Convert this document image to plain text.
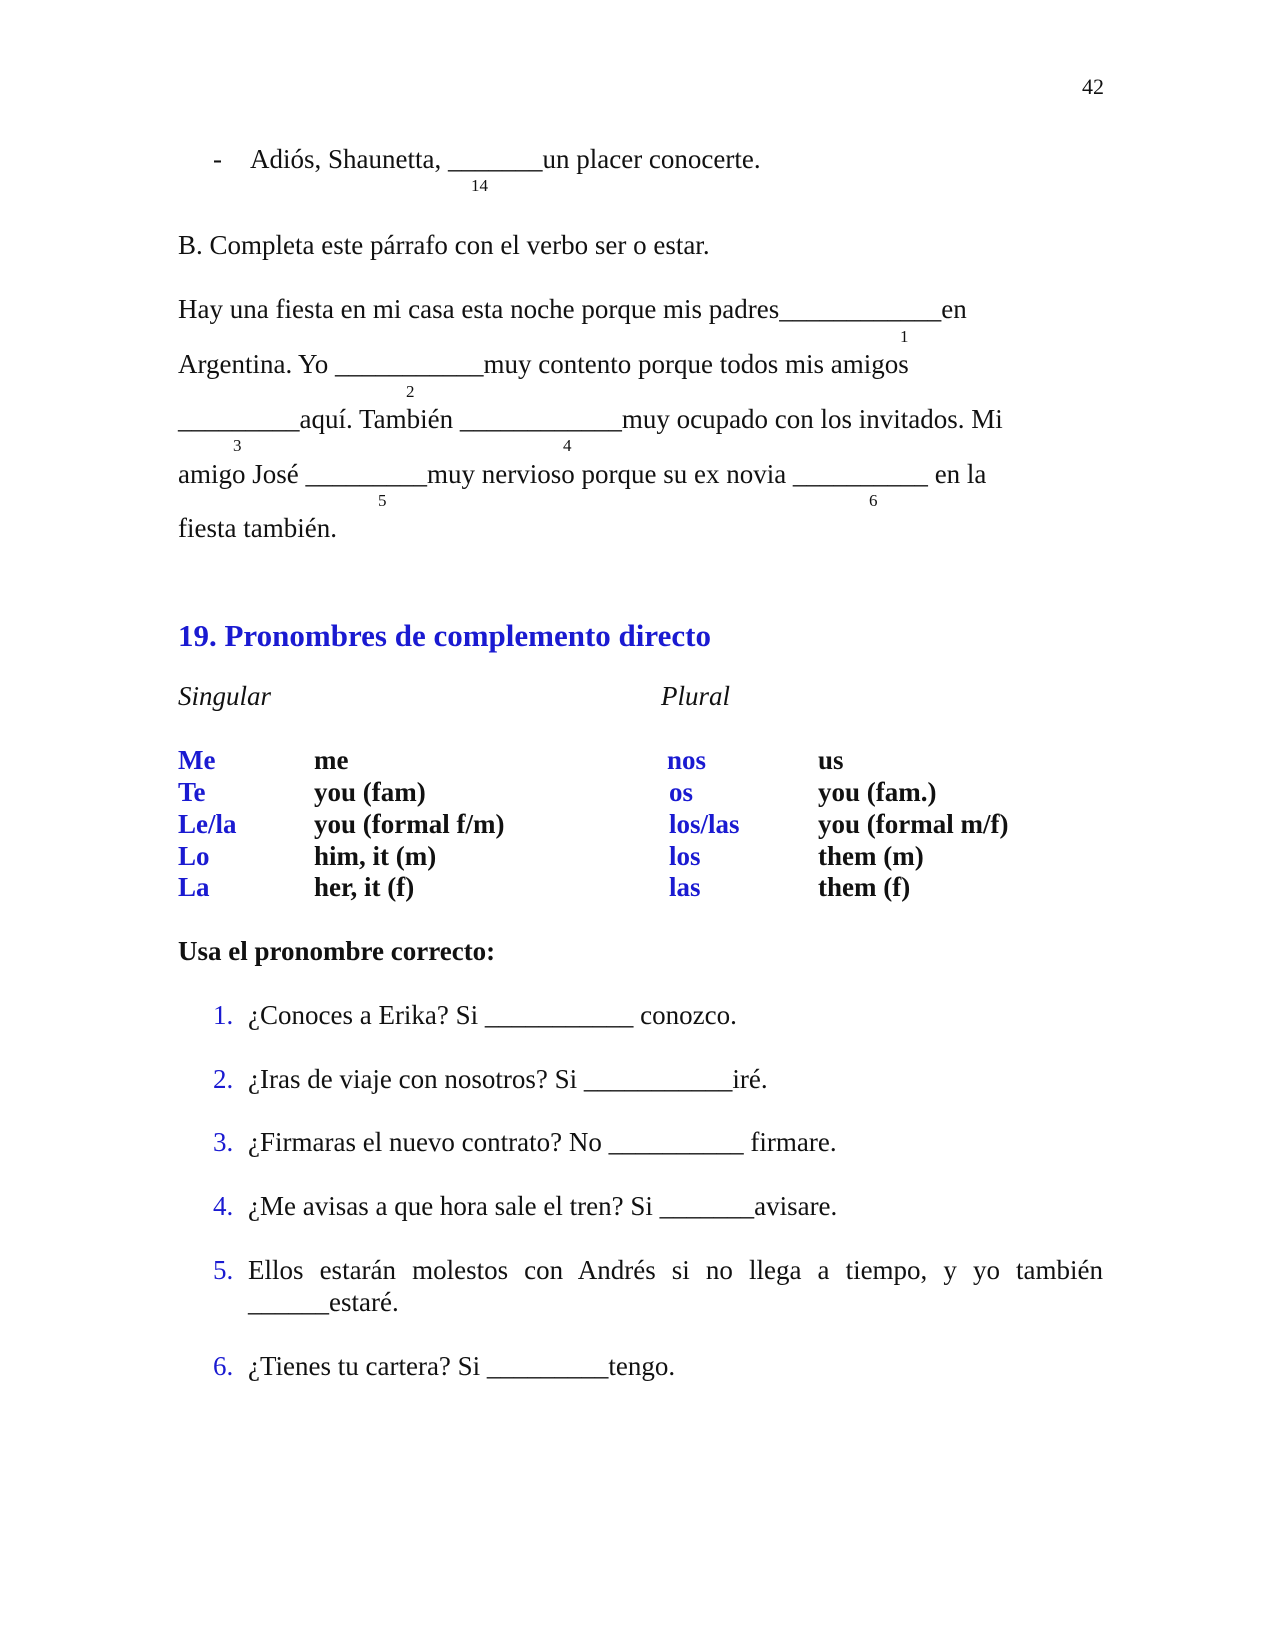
42
- Adiós, Shaunetta, _______un placer conocerte.
14
B. Completa este párrafo con el verbo ser o estar.
Hay una fiesta en mi casa esta noche porque mis padres____________en
1
Argentina. Yo ___________muy contento porque todos mis amigos
2
_________aquí. También ____________muy ocupado con los invitados. Mi
3	4
amigo José _________muy nervioso porque su ex novia __________ en la
5	6
fiesta también.
19. Pronombres de complemento directo
Singular	Plural
Me	me	nos	us
Te	you (fam)	os	you (fam.)
Le/la	you (formal f/m)	los/las	you (formal m/f)
Lo	him, it (m)	los	them (m)
La	her, it (f)	las	them (f)
Usa el pronombre correcto:
1. ¿Conoces a Erika? Si ___________ conozco.
2. ¿Iras de viaje con nosotros? Si ___________iré.
3. ¿Firmaras el nuevo contrato? No __________ firmare.
4. ¿Me avisas a que hora sale el tren? Si _______avisare.
5. Ellos estarán molestos con Andrés si no llega a tiempo, y yo también
______estaré.
6. ¿Tienes tu cartera? Si _________tengo.
